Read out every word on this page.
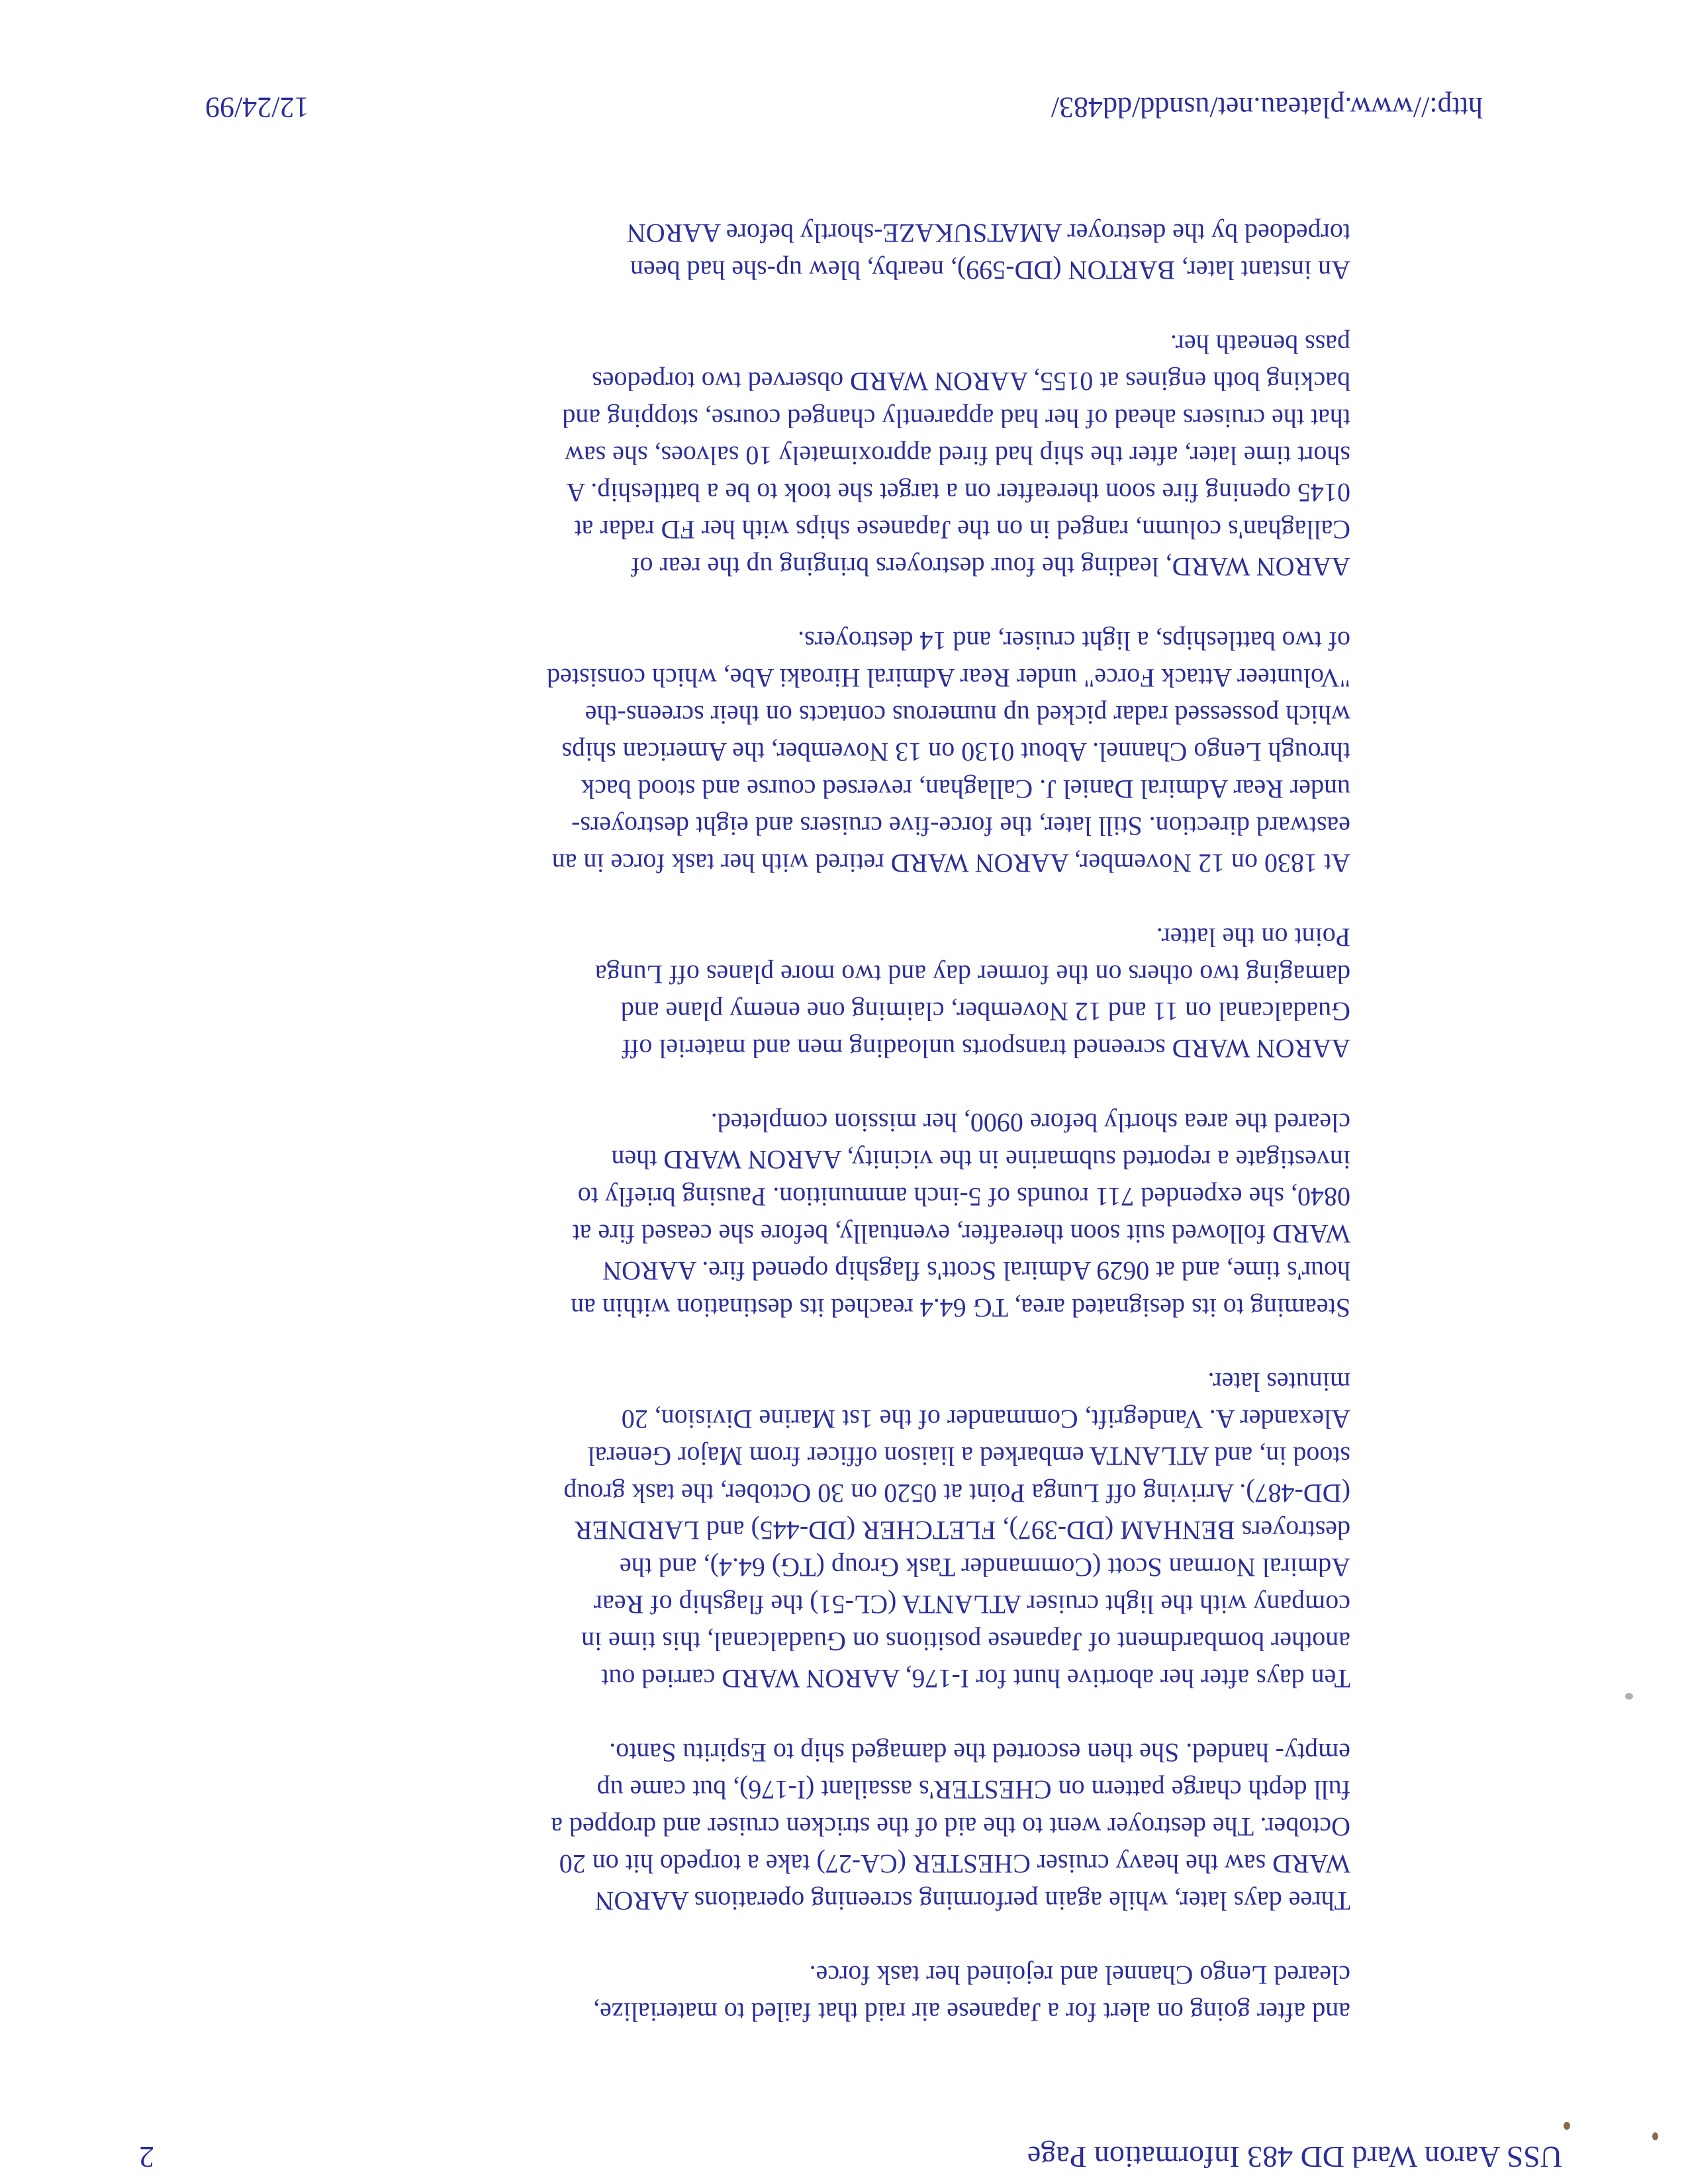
USS Aaron Ward DD 483 Information Page
2

and after going on alert for a Japanese air raid that failed to materialize,
cleared Lengo Channel and rejoined her task force.

Three days later, while again performing screening operations AARON
WARD saw the heavy cruiser CHESTER (CA-27) take a torpedo hit on 20
October. The destroyer went to the aid of the stricken cruiser and dropped a
full depth charge pattern on CHESTER's assailant (I-176), but came up
empty- handed. She then escorted the damaged ship to Espiritu Santo.

Ten days after her abortive hunt for I-176, AARON WARD carried out
another bombardment of Japanese positions on Guadalcanal, this time in
company with the light cruiser ATLANTA (CL-51) the flagship of Rear
Admiral Norman Scott (Commander Task Group (TG) 64.4), and the
destroyers BENHAM (DD-397), FLETCHER (DD-445) and LARDNER
(DD-487). Arriving off Lunga Point at 0520 on 30 October, the task group
stood in, and ATLANTA embarked a liaison officer from Major General
Alexander A. Vandegrift, Commander of the 1st Marine Division, 20
minutes later.

Steaming to its designated area, TG 64.4 reached its destination within an
hour's time, and at 0629 Admiral Scott's flagship opened fire. AARON
WARD followed suit soon thereafter, eventually, before she ceased fire at
0840, she expended 711 rounds of 5-inch ammunition. Pausing briefly to
investigate a reported submarine in the vicinity, AARON WARD then
cleared the area shortly before 0900, her mission completed.

AARON WARD screened transports unloading men and materiel off
Guadalcanal on 11 and 12 November, claiming one enemy plane and
damaging two others on the former day and two more planes off Lunga
Point on the latter.

At 1830 on 12 November, AARON WARD retired with her task force in an
eastward direction. Still later, the force-five cruisers and eight destroyers-
under Rear Admiral Daniel J. Callaghan, reversed course and stood back
through Lengo Channel. About 0130 on 13 November, the American ships
which possessed radar picked up numerous contacts on their screens-the
"Volunteer Attack Force" under Rear Admiral Hiroaki Abe, which consisted
of two battleships, a light cruiser, and 14 destroyers.

AARON WARD, leading the four destroyers bringing up the rear of
Callaghan's column, ranged in on the Japanese ships with her FD radar at
0145 opening fire soon thereafter on a target she took to be a battleship. A
short time later, after the ship had fired approximately 10 salvoes, she saw
that the cruisers ahead of her had apparently changed course, stopping and
backing both engines at 0155, AARON WARD observed two torpedoes
pass beneath her.

An instant later, BARTON (DD-599), nearby, blew up-she had been
torpedoed by the destroyer AMATSUKAZE-shortly before AARON

http://www.plateau.net/usndd/dd483/
12/24/99
